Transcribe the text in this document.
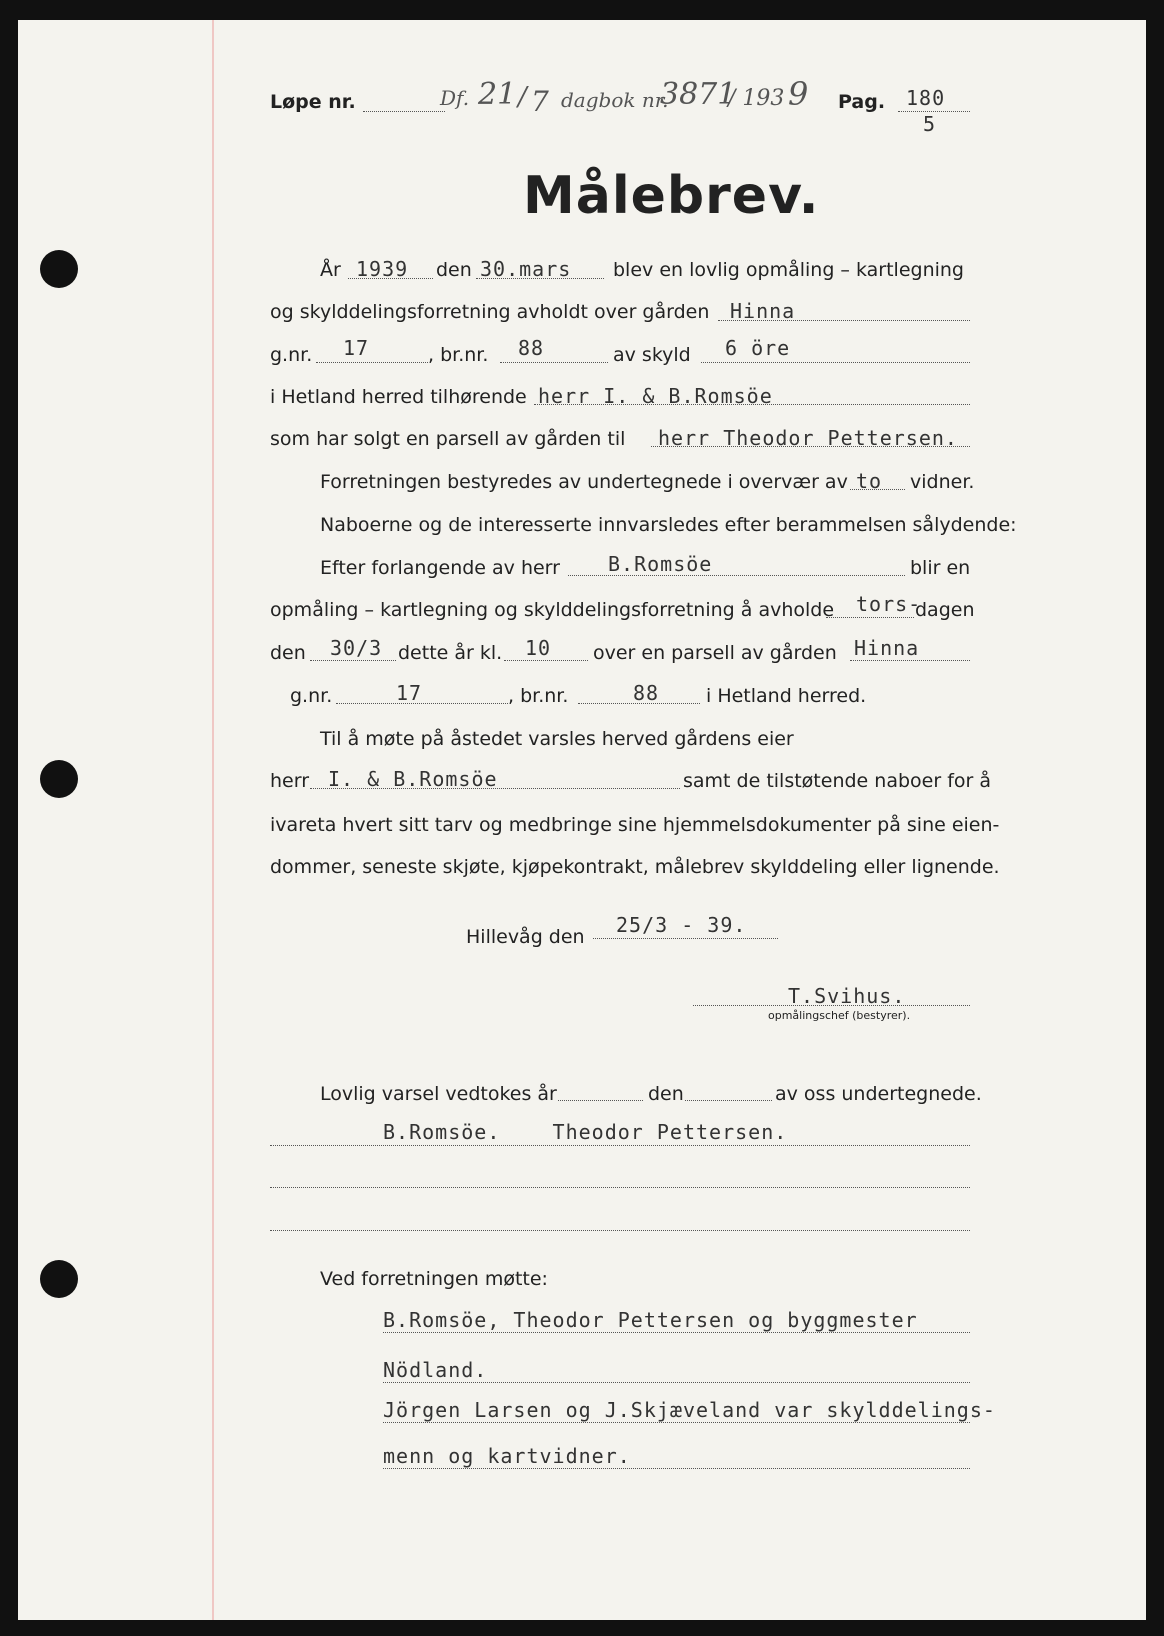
Løpe nr.	Df. 21 / 7 dagbok nr.
3871
/ 193 9 Pag. 180
5
Målebrev.
År 1939 den 30.mars blev en lovlig opmåling – kartlegning
og skylddelingsforretning avholdt over gården Hinna
g.nr. 17	, br.nr. 88	av skyld 6 öre
i Hetland herred tilhørende herr I. & B.Romsöe
som har solgt en parsell av gården til herr Theodor Pettersen.
Forretningen bestyredes av undertegnede i overvær av to vidner.
Naboerne og de interesserte innvarsledes efter berammelsen sålydende:
Efter forlangende av herr B.Romsöe	blir en
opmåling – kartlegning og skylddelingsforretning å avholde tors-
dagen
den 30/3 dette år kl. 10 over en parsell av gården Hinna
g.nr.	17	, br.nr.	88 i Hetland herred.
Til å møte på åstedet varsles herved gårdens eier
herr I. & B.Romsöe	samt de tilstøtende naboer for å
ivareta hvert sitt tarv og medbringe sine hjemmelsdokumenter på sine eien-
dommer, seneste skjøte, kjøpekontrakt, målebrev skylddeling eller lignende.
Hillevåg den 25/3 - 39.
T.Svihus.
opmålingschef (bestyrer).
Lovlig varsel vedtokes år	den	av oss undertegnede.
B.Romsöe.    Theodor Pettersen.
Ved forretningen møtte:
B.Romsöe, Theodor Pettersen og byggmester
Nödland.
Jörgen Larsen og J.Skjæveland var skylddelings-
menn og kartvidner.
